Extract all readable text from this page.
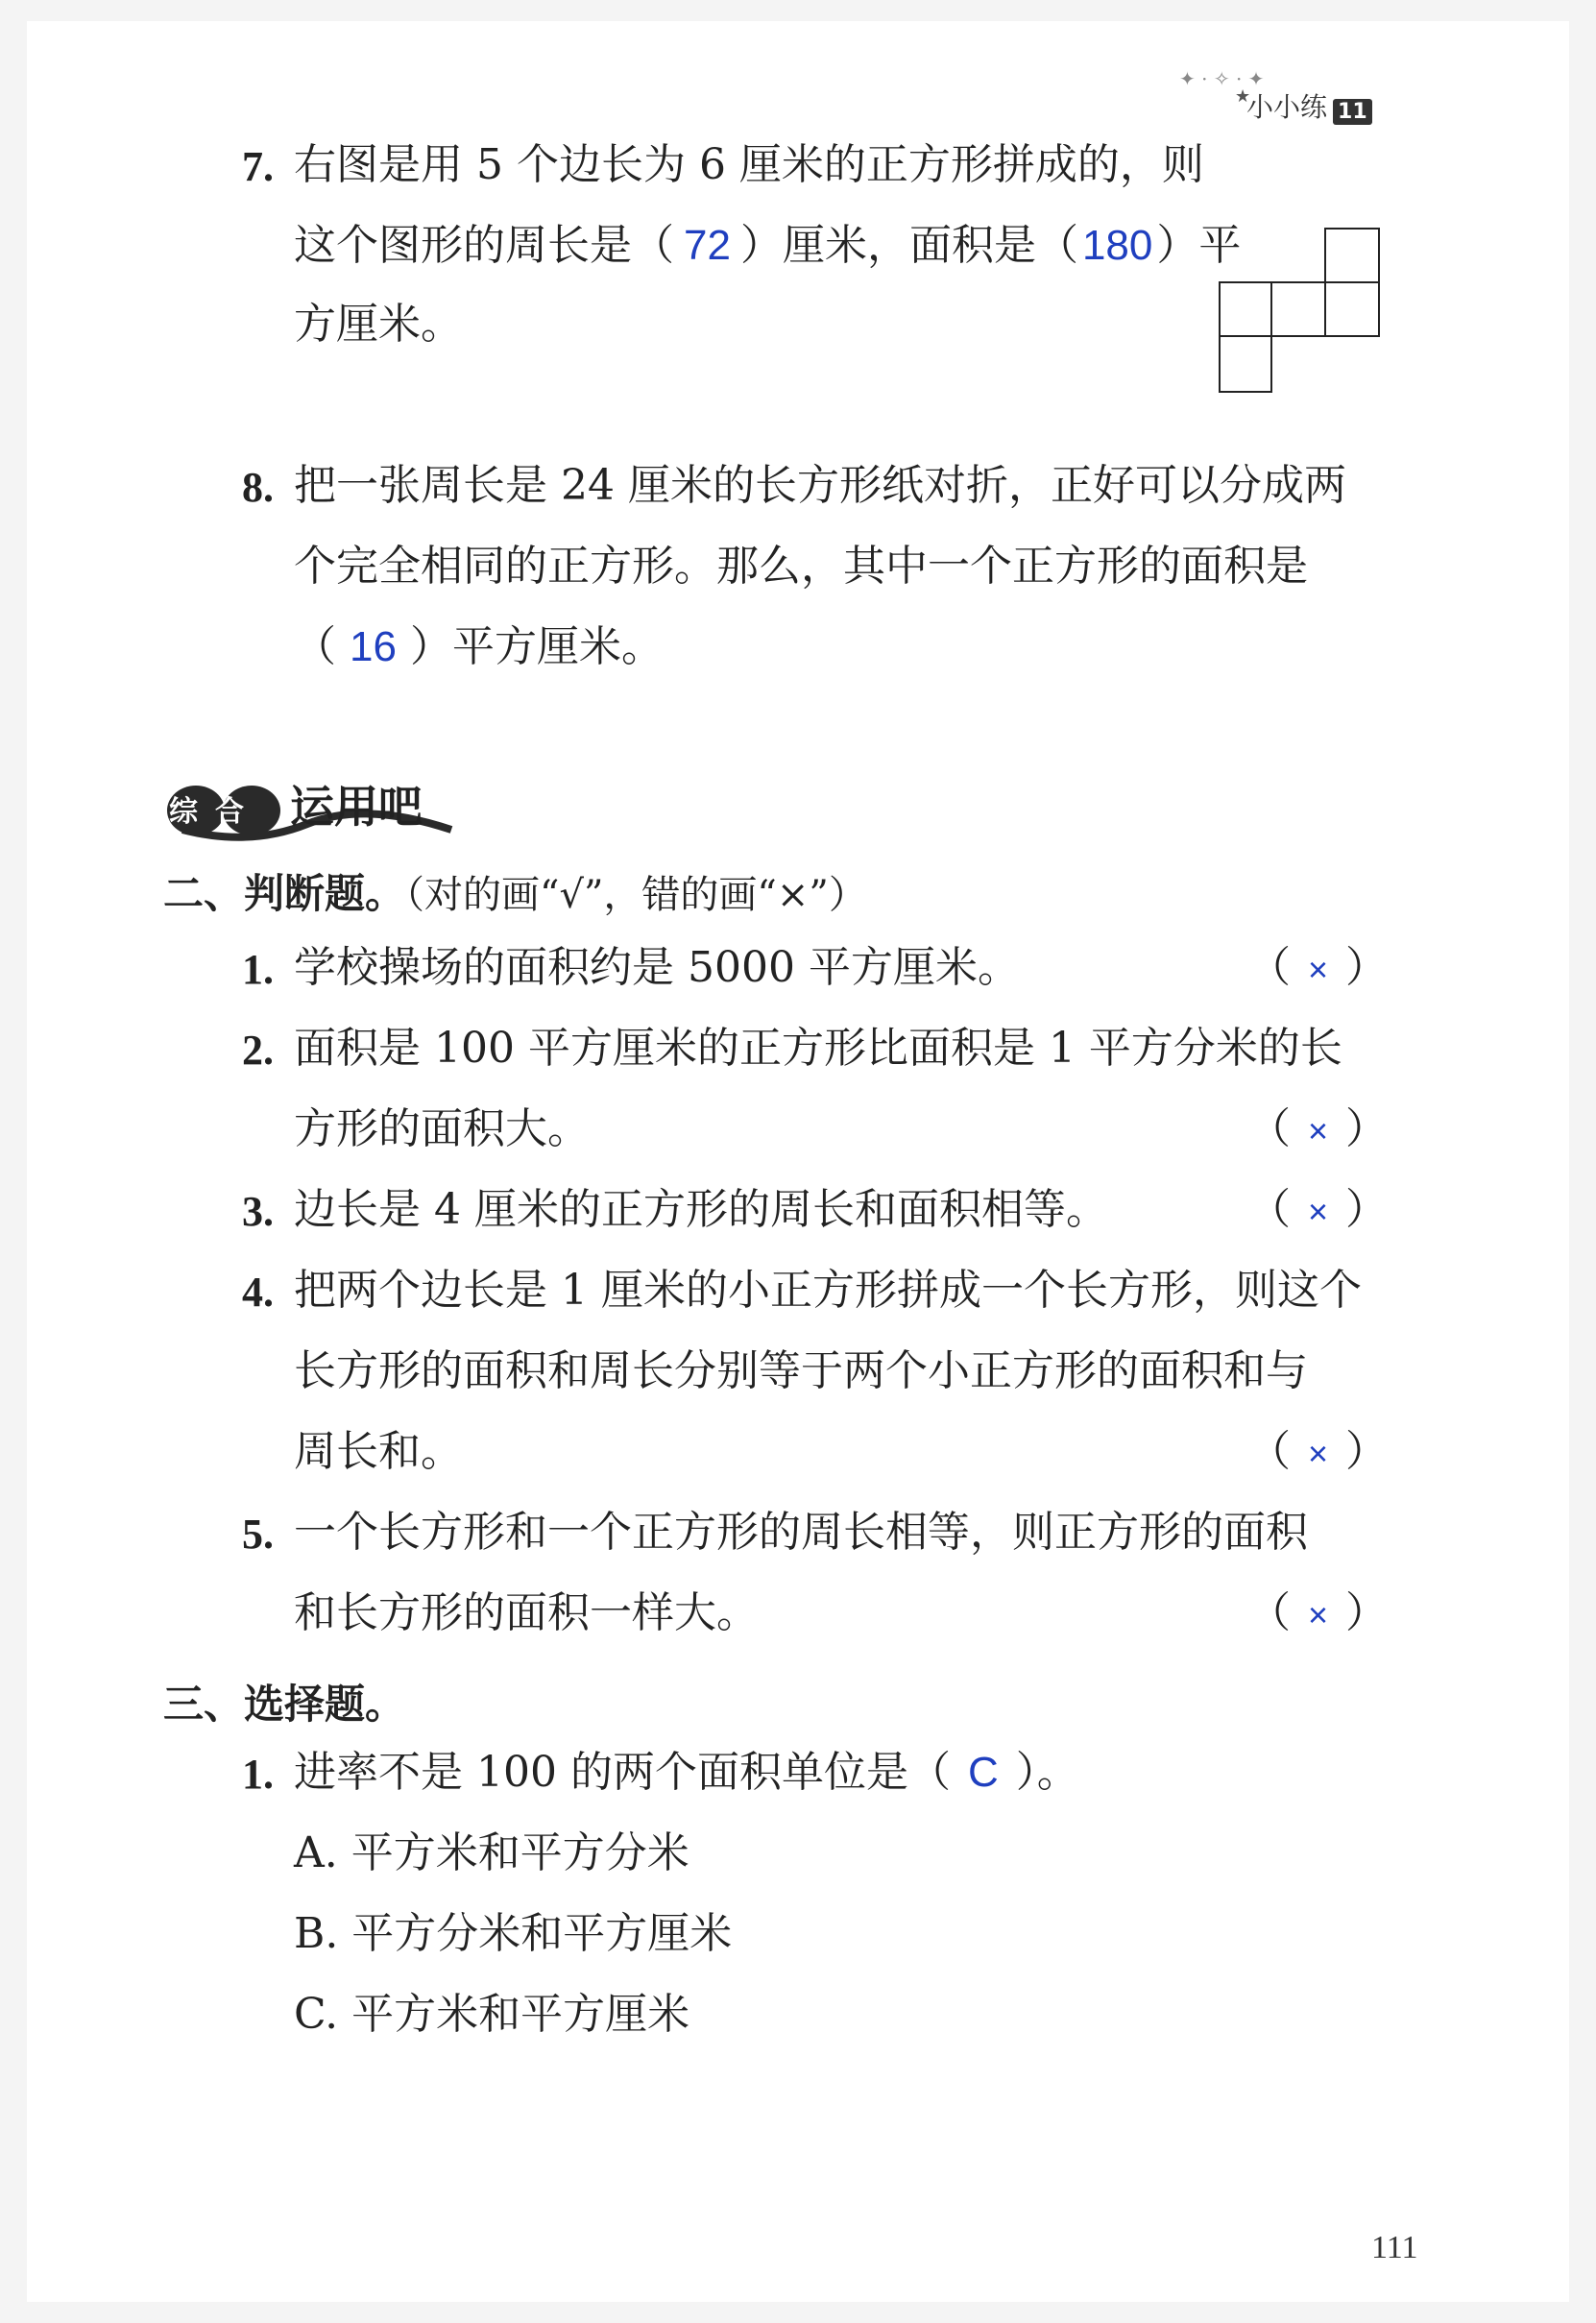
✦ · ✧ · ✦
★
小小练 11
7. 右图是用 5 个边长为 6 厘米的正方形拼成的，则
这个图形的周长是（ 72 ）厘米，面积是（180）平
方厘米。
8. 把一张周长是 24 厘米的长方形纸对折，正好可以分成两
个完全相同的正方形。那么，其中一个正方形的面积是
（ 16 ）平方厘米。
综合 运用吧
二、判断题。（对的画“√”，错的画“×”）
1. 学校操场的面积约是 5000 平方厘米。	（ × ）
2. 面积是 100 平方厘米的正方形比面积是 1 平方分米的长
方形的面积大。	（ × ）
3. 边长是 4 厘米的正方形的周长和面积相等。	（ × ）
4. 把两个边长是 1 厘米的小正方形拼成一个长方形，则这个
长方形的面积和周长分别等于两个小正方形的面积和与
周长和。	（ × ）
5. 一个长方形和一个正方形的周长相等，则正方形的面积
和长方形的面积一样大。	（ × ）
三、选择题。
1. 进率不是 100 的两个面积单位是（ C ）。
A. 平方米和平方分米
B. 平方分米和平方厘米
C. 平方米和平方厘米
111
